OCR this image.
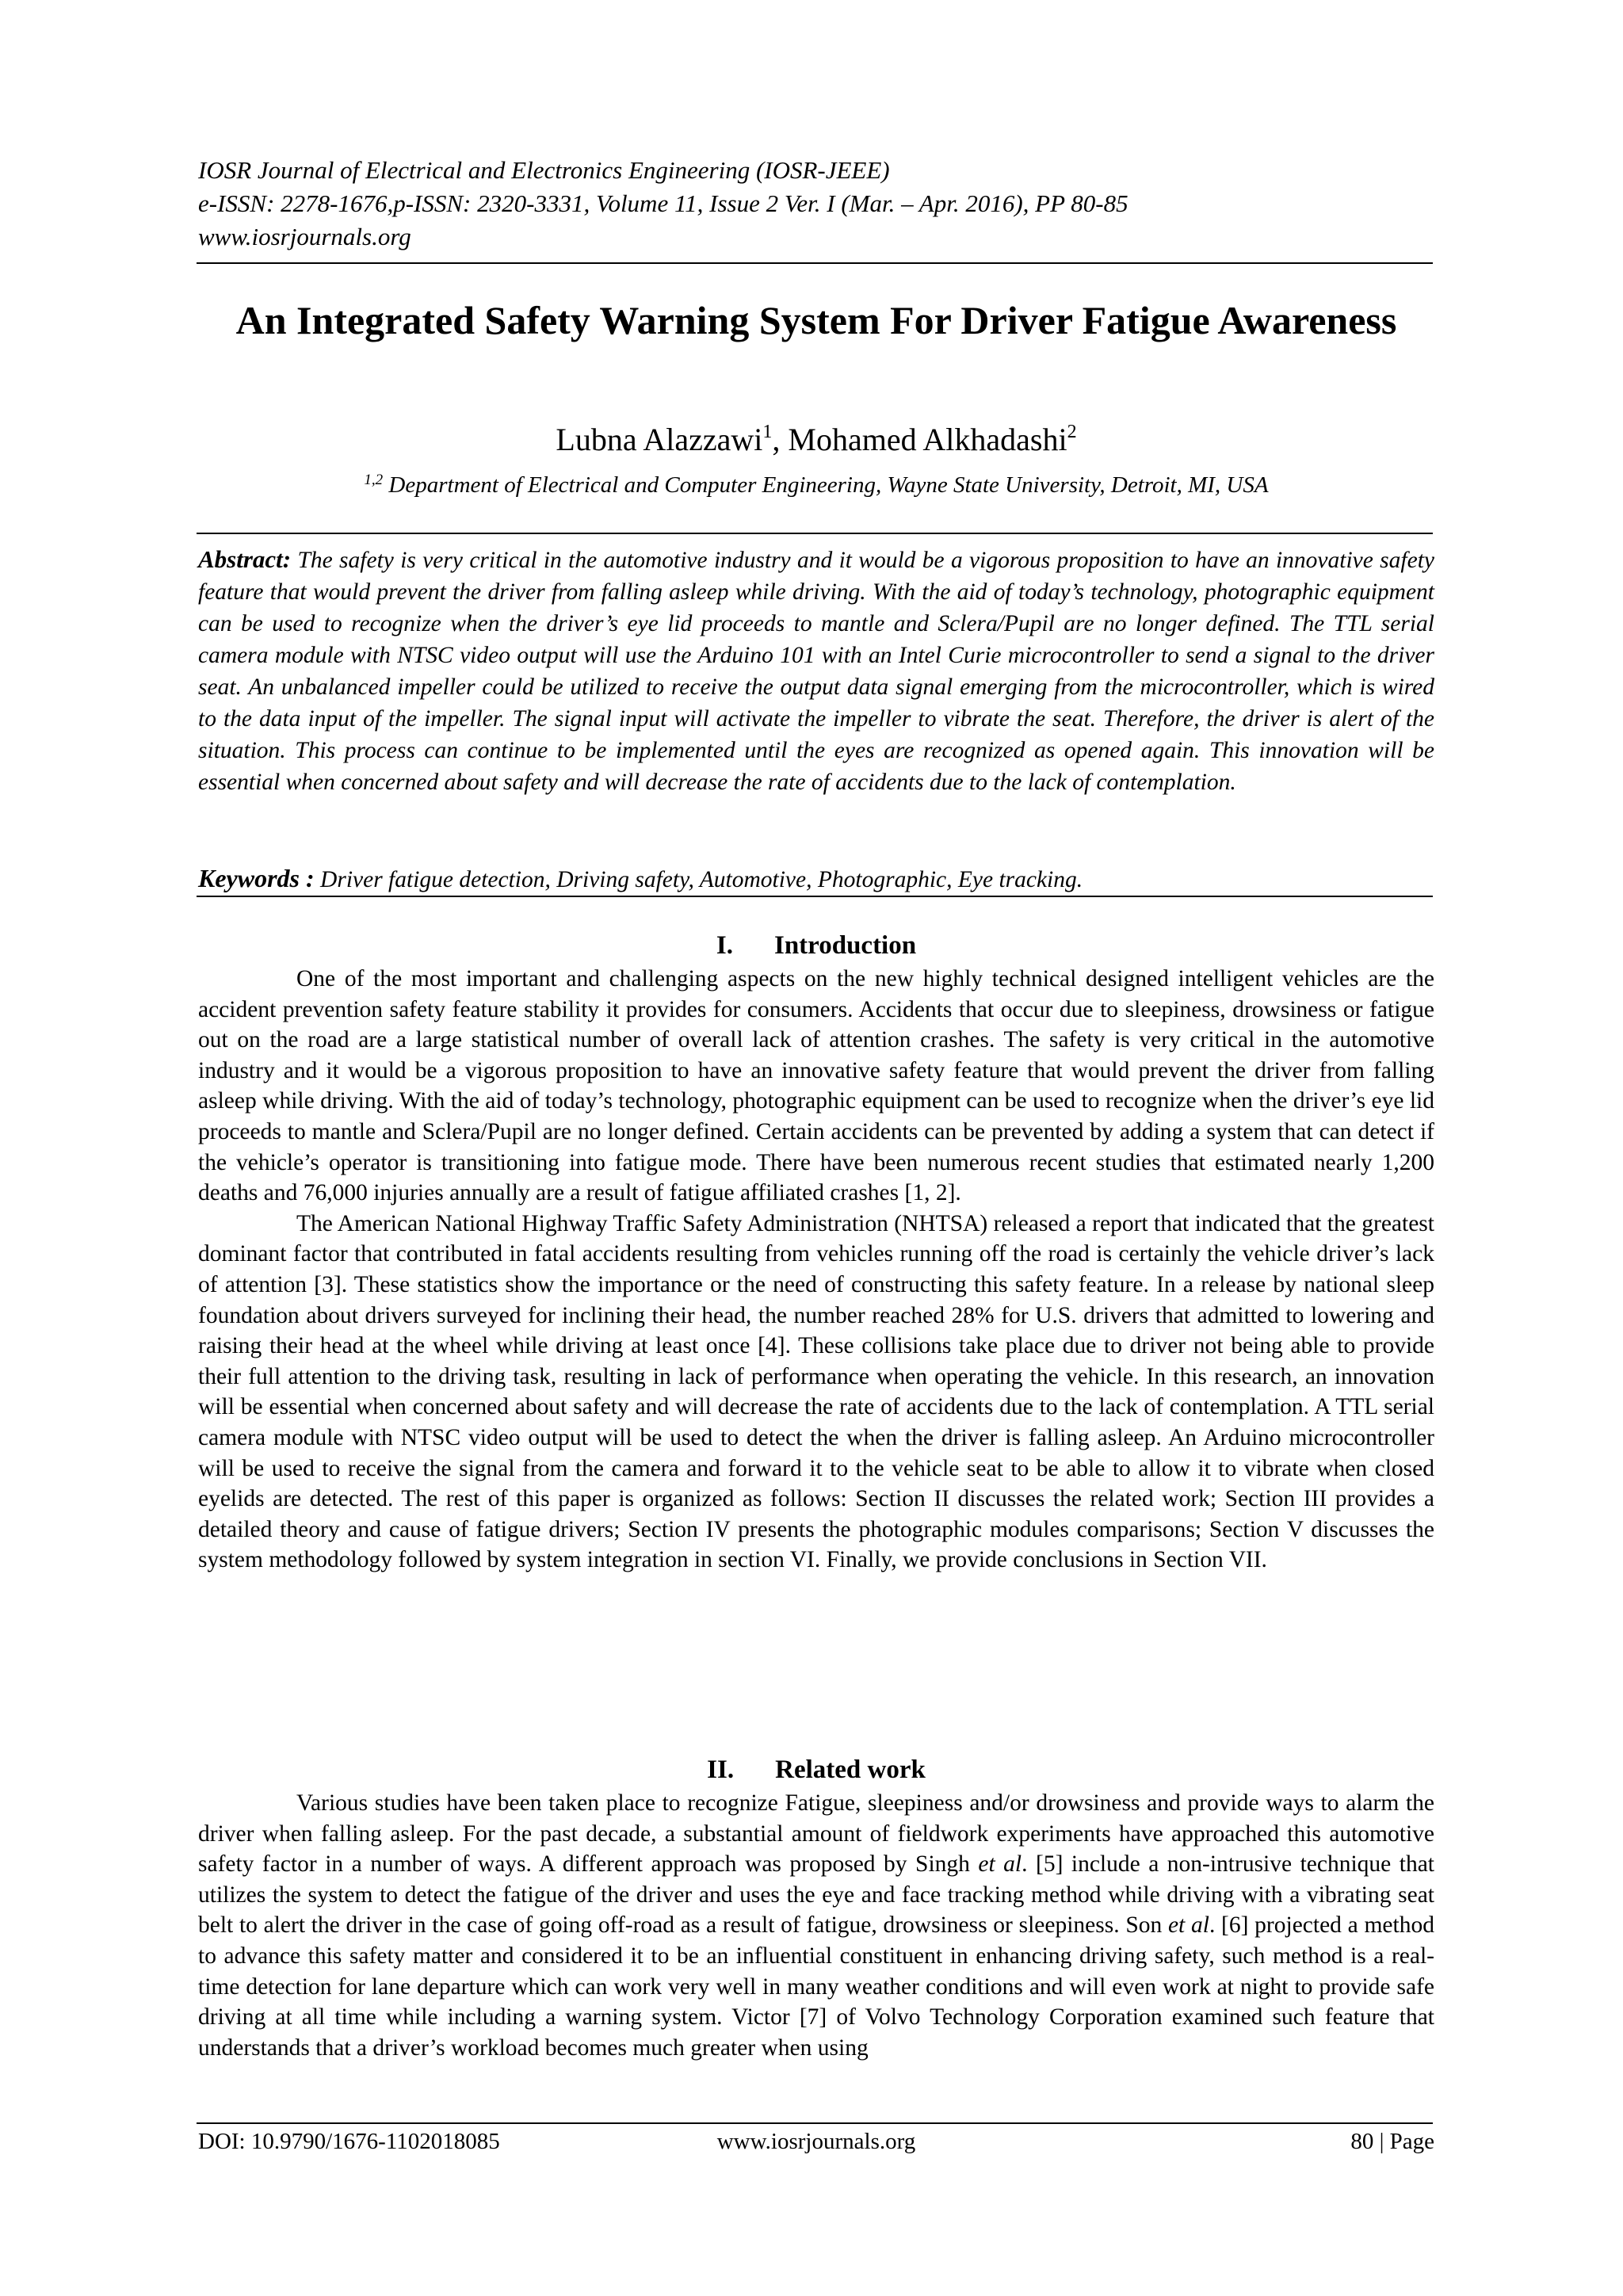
IOSR Journal of Electrical and Electronics Engineering (IOSR-JEEE)
e-ISSN: 2278-1676,p-ISSN: 2320-3331, Volume 11, Issue 2 Ver. I (Mar. – Apr. 2016), PP 80-85
www.iosrjournals.org
An Integrated Safety Warning System For Driver Fatigue Awareness
Lubna Alazzawi$^1$, Mohamed Alkhadashi$^2$
$^{1,2}$ Department of Electrical and Computer Engineering, Wayne State University, Detroit, MI, USA
Abstract: The safety is very critical in the automotive industry and it would be a vigorous proposition to have an innovative safety feature that would prevent the driver from falling asleep while driving. With the aid of today’s technology, photographic equipment can be used to recognize when the driver’s eye lid proceeds to mantle and Sclera/Pupil are no longer defined. The TTL serial camera module with NTSC video output will use the Arduino 101 with an Intel Curie microcontroller to send a signal to the driver seat. An unbalanced impeller could be utilized to receive the output data signal emerging from the microcontroller, which is wired to the data input of the impeller. The signal input will activate the impeller to vibrate the seat. Therefore, the driver is alert of the situation. This process can continue to be implemented until the eyes are recognized as opened again. This innovation will be essential when concerned about safety and will decrease the rate of accidents due to the lack of contemplation.
Keywords : Driver fatigue detection, Driving safety, Automotive, Photographic, Eye tracking.
I. Introduction

One of the most important and challenging aspects on the new highly technical designed intelligent vehicles are the accident prevention safety feature stability it provides for consumers. Accidents that occur due to sleepiness, drowsiness or fatigue out on the road are a large statistical number of overall lack of attention crashes. The safety is very critical in the automotive industry and it would be a vigorous proposition to have an innovative safety feature that would prevent the driver from falling asleep while driving. With the aid of today’s technology, photographic equipment can be used to recognize when the driver’s eye lid proceeds to mantle and Sclera/Pupil are no longer defined. Certain accidents can be prevented by adding a system that can detect if the vehicle’s operator is transitioning into fatigue mode. There have been numerous recent studies that estimated nearly 1,200 deaths and 76,000 injuries annually are a result of fatigue affiliated crashes [1, 2].

The American National Highway Traffic Safety Administration (NHTSA) released a report that indicated that the greatest dominant factor that contributed in fatal accidents resulting from vehicles running off the road is certainly the vehicle driver’s lack of attention [3]. These statistics show the importance or the need of constructing this safety feature. In a release by national sleep foundation about drivers surveyed for inclining their head, the number reached 28% for U.S. drivers that admitted to lowering and raising their head at the wheel while driving at least once [4]. These collisions take place due to driver not being able to provide their full attention to the driving task, resulting in lack of performance when operating the vehicle. In this research, an innovation will be essential when concerned about safety and will decrease the rate of accidents due to the lack of contemplation. A TTL serial camera module with NTSC video output will be used to detect the when the driver is falling asleep. An Arduino microcontroller will be used to receive the signal from the camera and forward it to the vehicle seat to be able to allow it to vibrate when closed eyelids are detected. The rest of this paper is organized as follows: Section II discusses the related work; Section III provides a detailed theory and cause of fatigue drivers; Section IV presents the photographic modules comparisons; Section V discusses the system methodology followed by system integration in section VI. Finally, we provide conclusions in Section VII.

II. Related work

Various studies have been taken place to recognize Fatigue, sleepiness and/or drowsiness and provide ways to alarm the driver when falling asleep. For the past decade, a substantial amount of fieldwork experiments have approached this automotive safety factor in a number of ways. A different approach was proposed by Singh et al. [5] include a non-intrusive technique that utilizes the system to detect the fatigue of the driver and uses the eye and face tracking method while driving with a vibrating seat belt to alert the driver in the case of going off-road as a result of fatigue, drowsiness or sleepiness. Son et al. [6] projected a method to advance this safety matter and considered it to be an influential constituent in enhancing driving safety, such method is a real-time detection for lane departure which can work very well in many weather conditions and will even work at night to provide safe driving at all time while including a warning system. Victor [7] of Volvo Technology Corporation examined such feature that understands that a driver’s workload becomes much greater when using

DOI: 10.9790/1676-1102018085	www.iosrjournals.org	80 | Page
